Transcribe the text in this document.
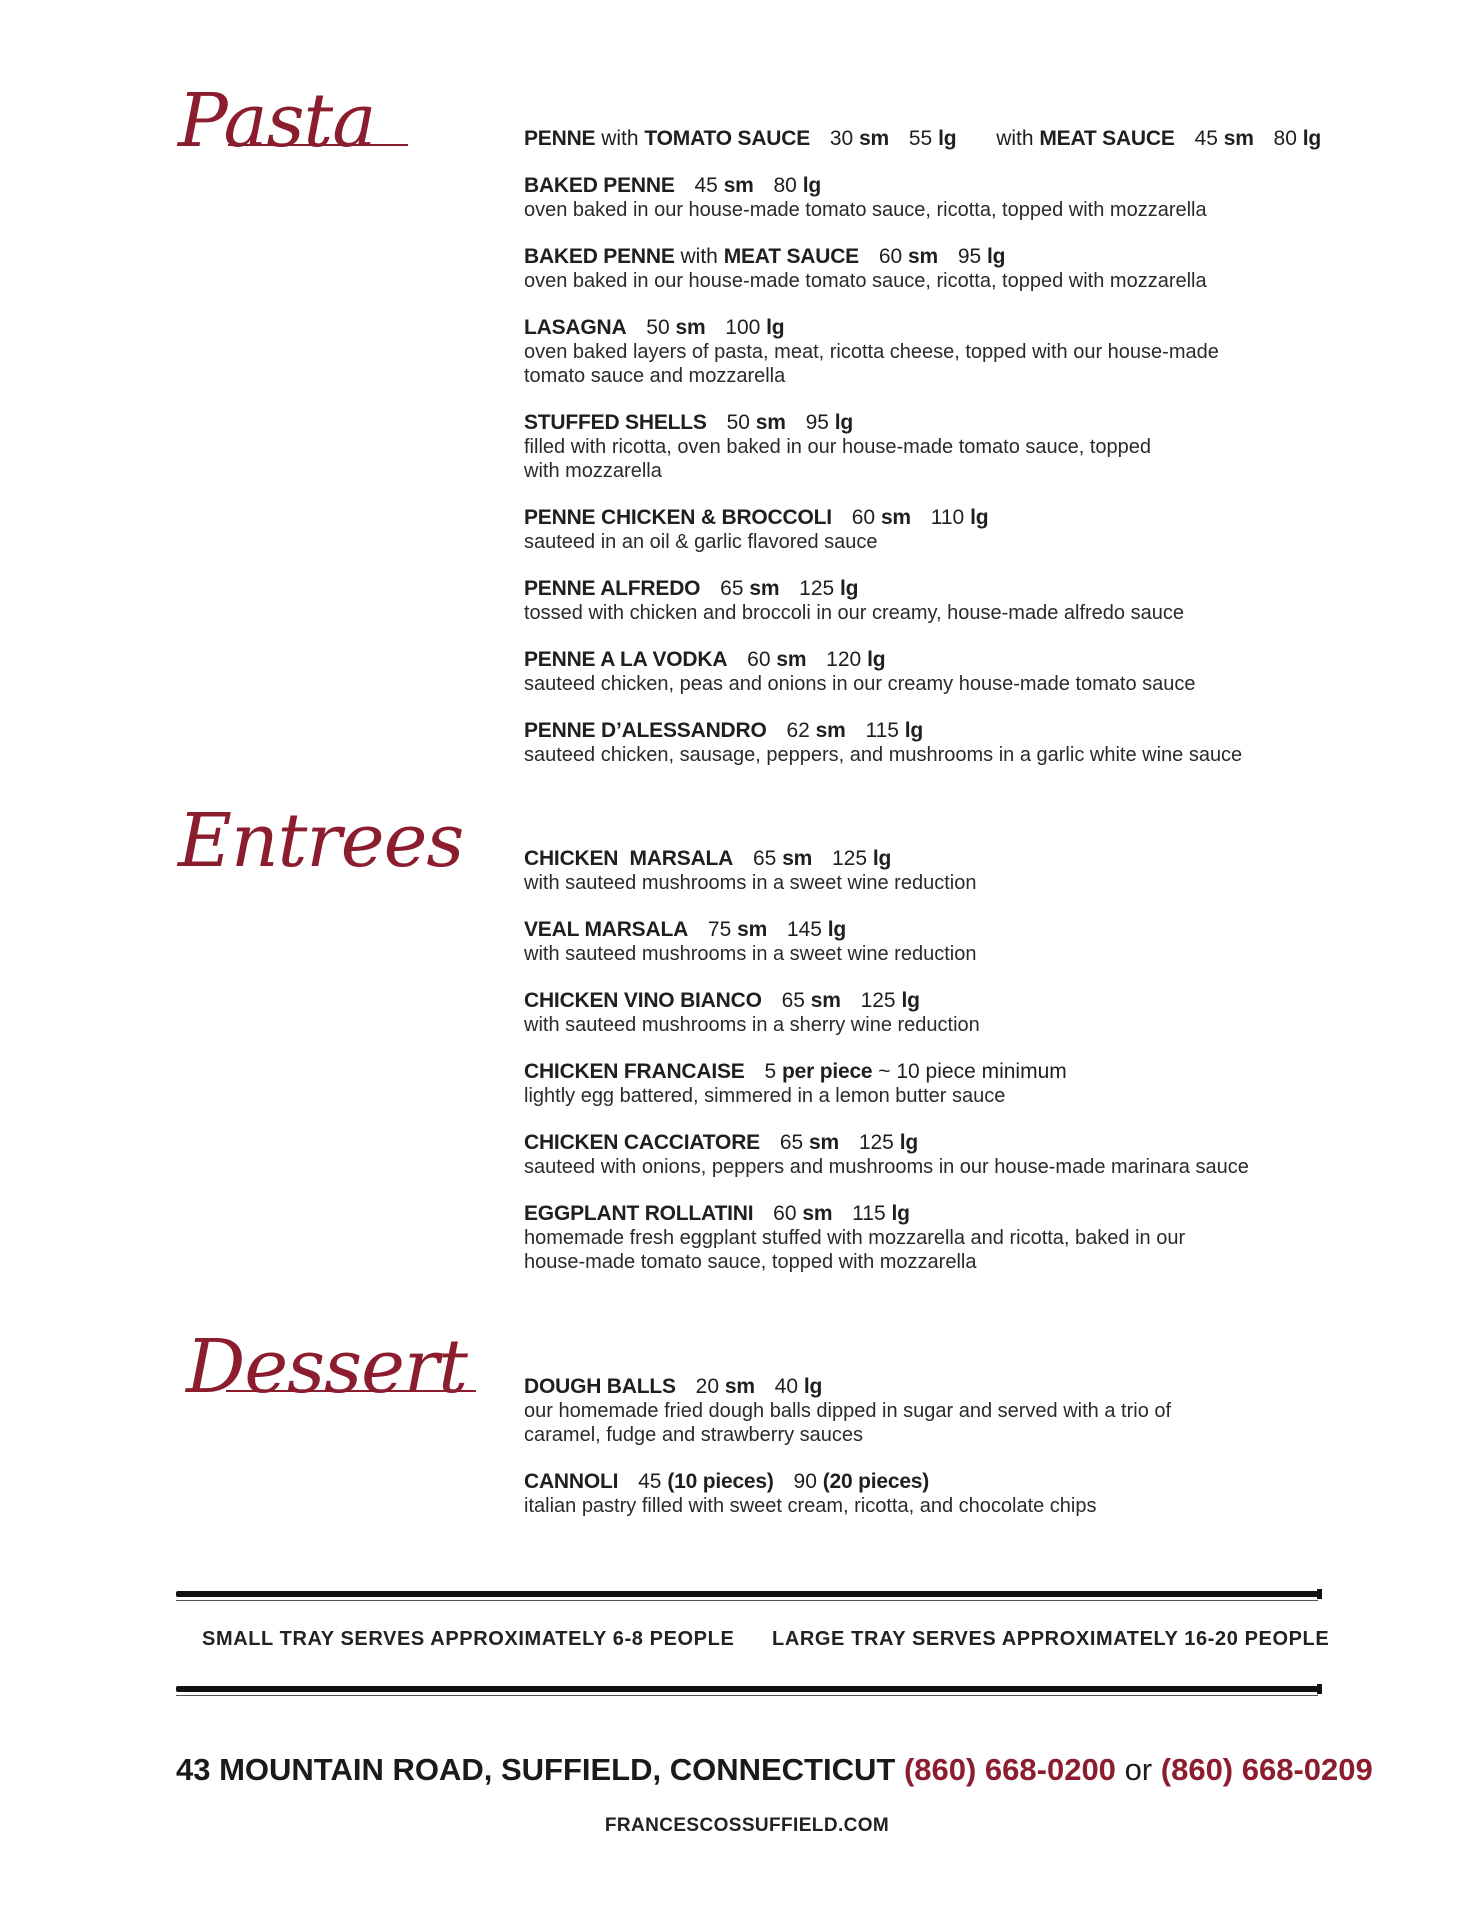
Pasta
Entrees
Dessert
PENNE with TOMATO SAUCE 30 sm 55 lg with MEAT SAUCE 45 sm 80 lg
BAKED PENNE 45 sm 80 lg
oven baked in our house-made tomato sauce, ricotta, topped with mozzarella
BAKED PENNE with MEAT SAUCE 60 sm 95 lg
oven baked in our house-made tomato sauce, ricotta, topped with mozzarella
LASAGNA 50 sm 100 lg
oven baked layers of pasta, meat, ricotta cheese, topped with our house-made
tomato sauce and mozzarella
STUFFED SHELLS 50 sm 95 lg
filled with ricotta, oven baked in our house-made tomato sauce, topped
with mozzarella
PENNE CHICKEN & BROCCOLI 60 sm 110 lg
sauteed in an oil & garlic flavored sauce
PENNE ALFREDO 65 sm 125 lg
tossed with chicken and broccoli in our creamy, house-made alfredo sauce
PENNE A LA VODKA 60 sm 120 lg
sauteed chicken, peas and onions in our creamy house-made tomato sauce
PENNE D’ALESSANDRO 62 sm 115 lg
sauteed chicken, sausage, peppers, and mushrooms in a garlic white wine sauce
CHICKEN  MARSALA 65 sm 125 lg
with sauteed mushrooms in a sweet wine reduction
VEAL MARSALA 75 sm 145 lg
with sauteed mushrooms in a sweet wine reduction
CHICKEN VINO BIANCO 65 sm 125 lg
with sauteed mushrooms in a sherry wine reduction
CHICKEN FRANCAISE 5 per piece ~ 10 piece minimum
lightly egg battered, simmered in a lemon butter sauce
CHICKEN CACCIATORE 65 sm 125 lg
sauteed with onions, peppers and mushrooms in our house-made marinara sauce
EGGPLANT ROLLATINI 60 sm 115 lg
homemade fresh eggplant stuffed with mozzarella and ricotta, baked in our
house-made tomato sauce, topped with mozzarella
DOUGH BALLS 20 sm 40 lg
our homemade fried dough balls dipped in sugar and served with a trio of
caramel, fudge and strawberry sauces
CANNOLI 45 (10 pieces) 90 (20 pieces)
italian pastry filled with sweet cream, ricotta, and chocolate chips
SMALL TRAY SERVES APPROXIMATELY 6-8 PEOPLE LARGE TRAY SERVES APPROXIMATELY 16-20 PEOPLE
43 MOUNTAIN ROAD, SUFFIELD, CONNECTICUT (860) 668-0200 or (860) 668-0209
FRANCESCOSSUFFIELD.COM
